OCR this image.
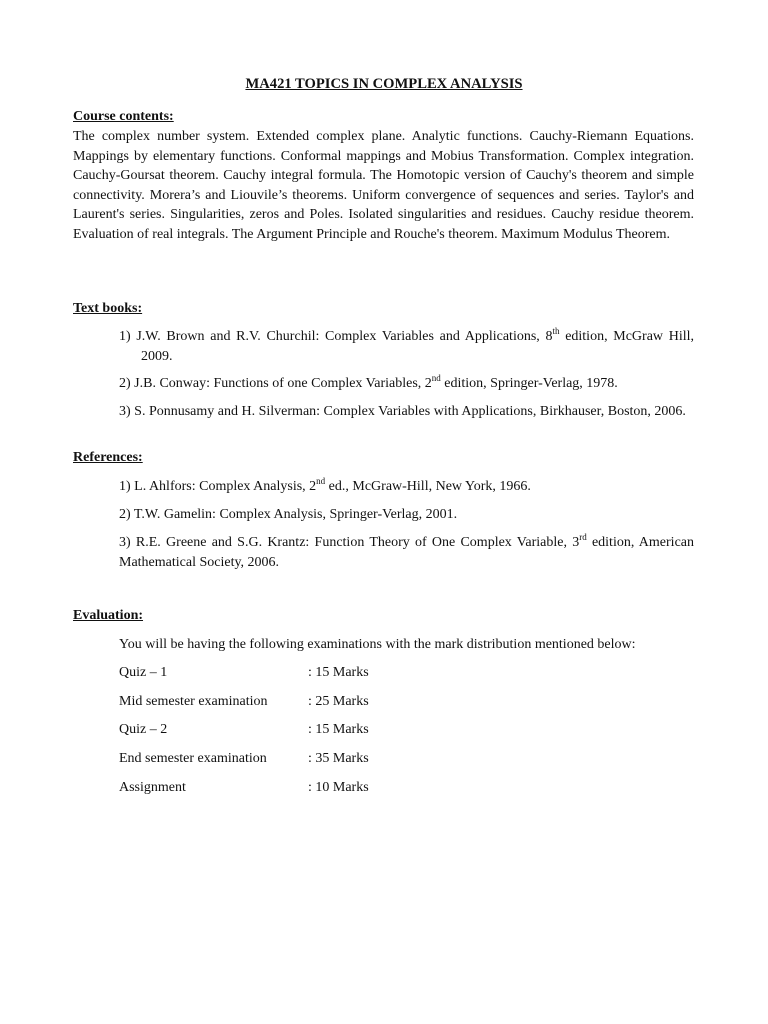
MA421 TOPICS IN COMPLEX ANALYSIS
Course contents:
The complex number system. Extended complex plane. Analytic functions. Cauchy-Riemann Equations. Mappings by elementary functions. Conformal mappings and Mobius Transformation. Complex integration. Cauchy-Goursat theorem. Cauchy integral formula. The Homotopic version of Cauchy's theorem and simple connectivity. Morera’s and Liouvile’s theorems. Uniform convergence of sequences and series. Taylor's and Laurent's series. Singularities, zeros and Poles. Isolated singularities and residues. Cauchy residue theorem. Evaluation of real integrals. The Argument Principle and Rouche's theorem. Maximum Modulus Theorem.
Text books:
1) J.W. Brown and R.V. Churchil: Complex Variables and Applications, 8th edition, McGraw Hill, 2009.
2) J.B. Conway: Functions of one Complex Variables, 2nd edition, Springer-Verlag, 1978.
3) S. Ponnusamy and H. Silverman: Complex Variables with Applications, Birkhauser, Boston, 2006.
References:
1) L. Ahlfors: Complex Analysis, 2nd ed., McGraw-Hill, New York, 1966.
2) T.W. Gamelin: Complex Analysis, Springer-Verlag, 2001.
3) R.E. Greene and S.G. Krantz: Function Theory of One Complex Variable, 3rd edition, American Mathematical Society, 2006.
Evaluation:
You will be having the following examinations with the mark distribution mentioned below:
Quiz – 1	: 15 Marks
Mid semester examination	: 25 Marks
Quiz – 2	: 15 Marks
End semester examination	: 35 Marks
Assignment	: 10 Marks
